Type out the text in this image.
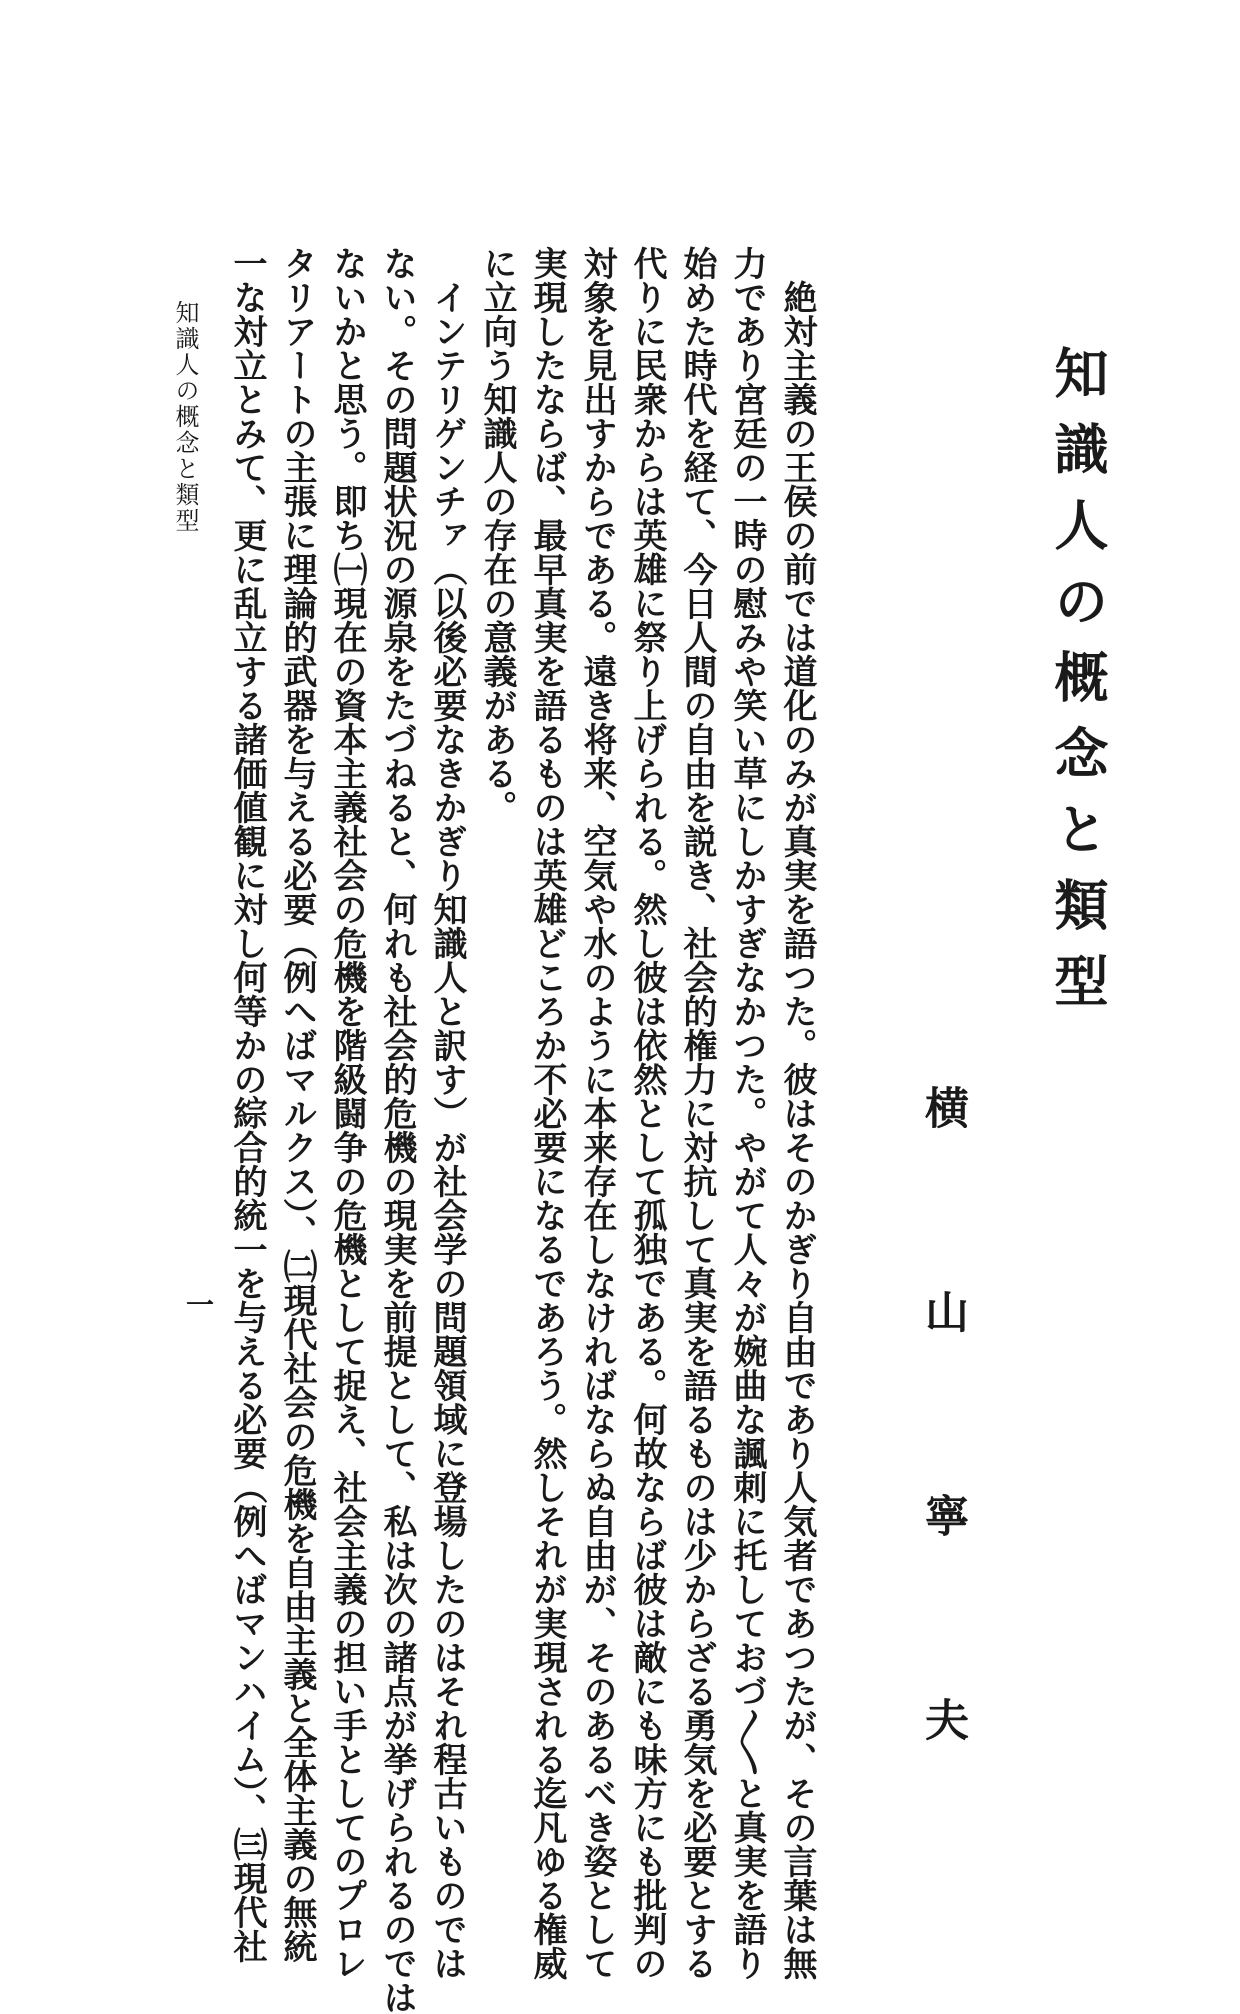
知識人の概念と類型
横　山　寧　夫
　絶対主義の王侯の前では道化のみが真実を語つた。彼はそのかぎり自由であり人気者であつたが、その言葉は無
力であり宮廷の一時の慰みや笑い草にしかすぎなかつた。やがて人々が婉曲な諷刺に托しておづ〱と真実を語り
始めた時代を経て、今日人間の自由を説き、社会的権力に対抗して真実を語るものは少からざる勇気を必要とする
代りに民衆からは英雄に祭り上げられる。然し彼は依然として孤独である。何故ならば彼は敵にも味方にも批判の
対象を見出すからである。遠き将来、空気や水のように本来存在しなければならぬ自由が、そのあるべき姿として
実現したならば、最早真実を語るものは英雄どころか不必要になるであろう。然しそれが実現される迄凡ゆる権威
に立向う知識人の存在の意義がある。
　インテリゲンチァ（以後必要なきかぎり知識人と訳す）が社会学の問題領域に登場したのはそれ程古いものでは
ない。その問題状況の源泉をたづねると、何れも社会的危機の現実を前提として、私は次の諸点が挙げられるのでは
ないかと思う。即ち㈠現在の資本主義社会の危機を階級闘争の危機として捉え、社会主義の担い手としてのプロレ
タリアートの主張に理論的武器を与える必要（例へばマルクス）、㈡現代社会の危機を自由主義と全体主義の無統
一な対立とみて、更に乱立する諸価値観に対し何等かの綜合的統一を与える必要（例へばマンハイム）、㈢現代社
知識人の概念と類型
一
